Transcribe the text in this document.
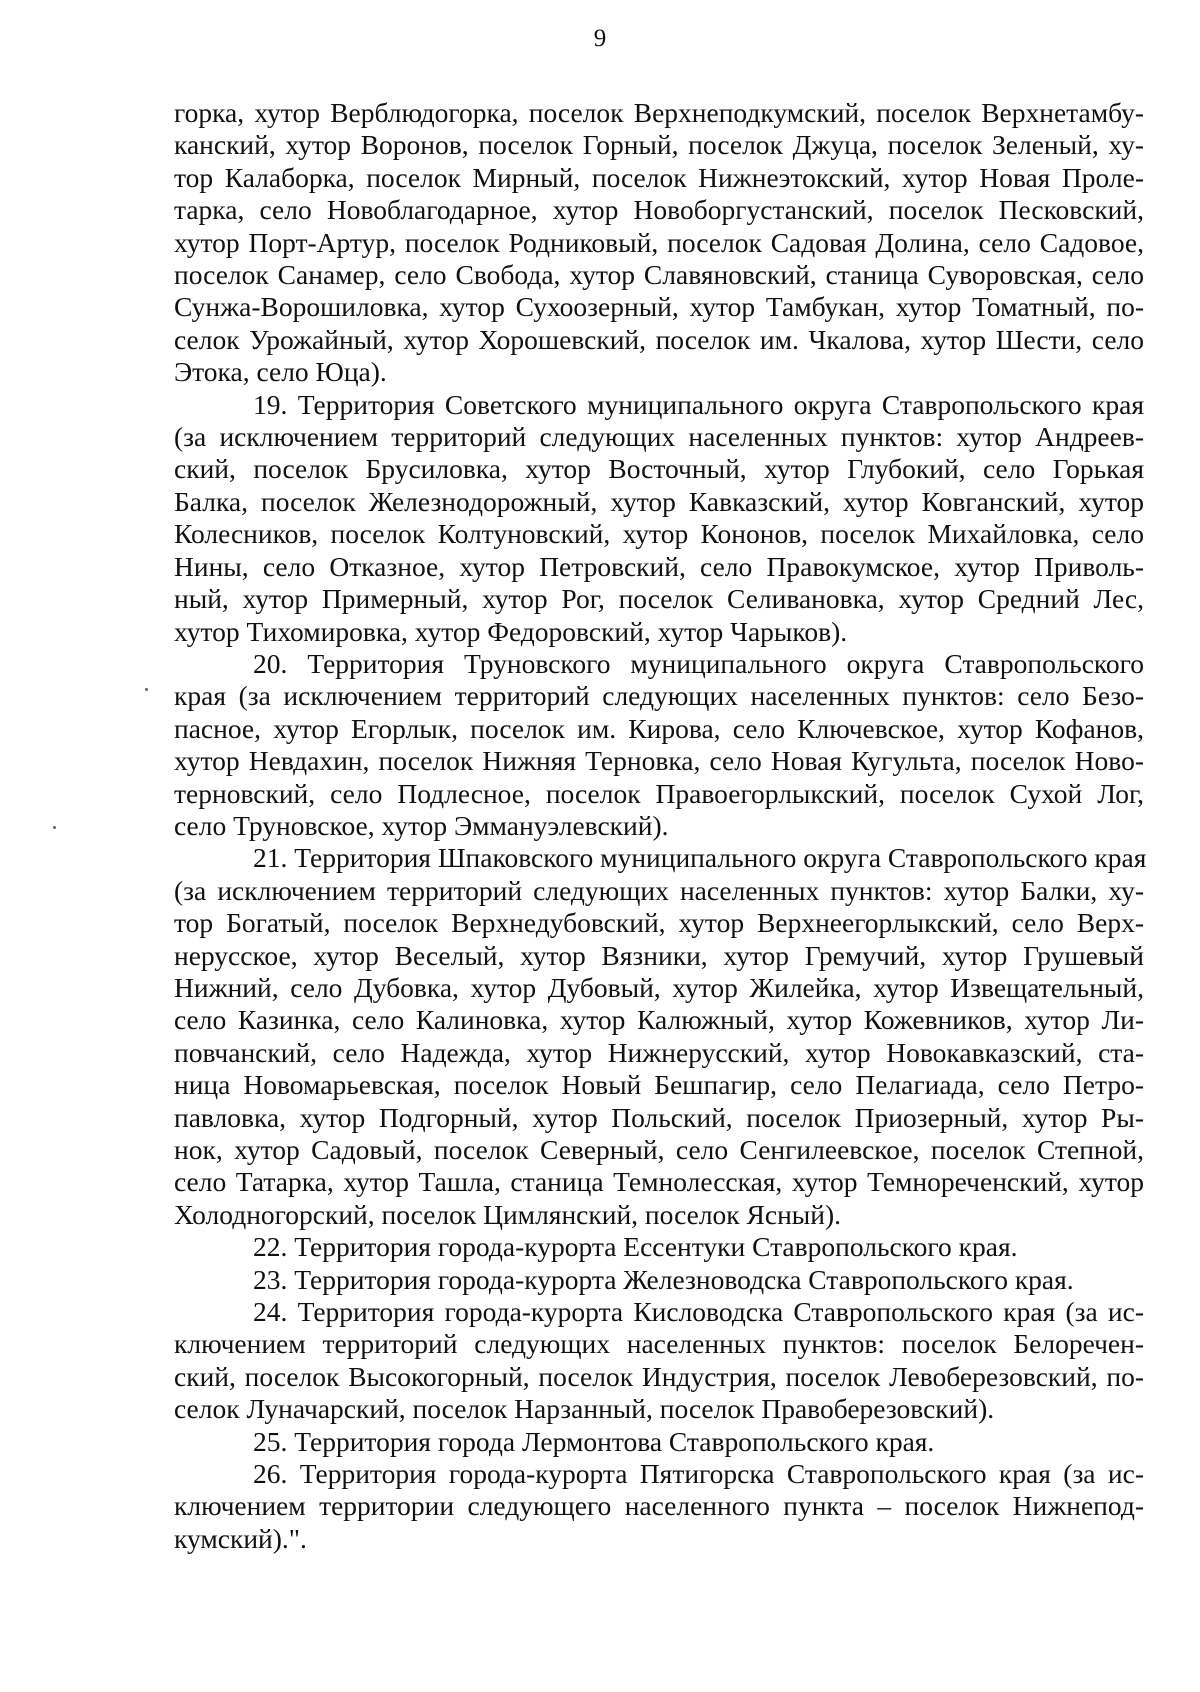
9

горка, хутор Верблюдогорка, поселок Верхнеподкумский, поселок Верхнетамбу-
канский, хутор Воронов, поселок Горный, поселок Джуца, поселок Зеленый, ху-
тор Калаборка, поселок Мирный, поселок Нижнеэтокский, хутор Новая Проле-
тарка, село Новоблагодарное, хутор Новоборгустанский, поселок Песковский,
хутор Порт-Артур, поселок Родниковый, поселок Садовая Долина, село Садовое,
поселок Санамер, село Свобода, хутор Славяновский, станица Суворовская, село
Сунжа-Ворошиловка, хутор Сухоозерный, хутор Тамбукан, хутор Томатный, по-
селок Урожайный, хутор Хорошевский, поселок им. Чкалова, хутор Шести, село
Этока, село Юца).

19. Территория Советского муниципального округа Ставропольского края
(за исключением территорий следующих населенных пунктов: хутор Андреев-
ский, поселок Брусиловка, хутор Восточный, хутор Глубокий, село Горькая
Балка, поселок Железнодорожный, хутор Кавказский, хутор Ковганский, хутор
Колесников, поселок Колтуновский, хутор Кононов, поселок Михайловка, село
Нины, село Отказное, хутор Петровский, село Правокумское, хутор Приволь-
ный, хутор Примерный, хутор Рог, поселок Селивановка, хутор Средний Лес,
хутор Тихомировка, хутор Федоровский, хутор Чарыков).

20. Территория Труновского муниципального округа Ставропольского
края (за исключением территорий следующих населенных пунктов: село Безо-
пасное, хутор Егорлык, поселок им. Кирова, село Ключевское, хутор Кофанов,
хутор Невдахин, поселок Нижняя Терновка, село Новая Кугульта, поселок Ново-
терновский, село Подлесное, поселок Правоегорлыкский, поселок Сухой Лог,
село Труновское, хутор Эммануэлевский).

21. Территория Шпаковского муниципального округа Ставропольского края
(за исключением территорий следующих населенных пунктов: хутор Балки, ху-
тор Богатый, поселок Верхнедубовский, хутор Верхнеегорлыкский, село Верх-
нерусское, хутор Веселый, хутор Вязники, хутор Гремучий, хутор Грушевый
Нижний, село Дубовка, хутор Дубовый, хутор Жилейка, хутор Извещательный,
село Казинка, село Калиновка, хутор Калюжный, хутор Кожевников, хутор Ли-
повчанский, село Надежда, хутор Нижнерусский, хутор Новокавказский, ста-
ница Новомарьевская, поселок Новый Бешпагир, село Пелагиада, село Петро-
павловка, хутор Подгорный, хутор Польский, поселок Приозерный, хутор Ры-
нок, хутор Садовый, поселок Северный, село Сенгилеевское, поселок Степной,
село Татарка, хутор Ташла, станица Темнолесская, хутор Темнореченский, хутор
Холодногорский, поселок Цимлянский, поселок Ясный).

22. Территория города-курорта Ессентуки Ставропольского края.

23. Территория города-курорта Железноводска Ставропольского края.

24. Территория города-курорта Кисловодска Ставропольского края (за ис-
ключением территорий следующих населенных пунктов: поселок Белоречен-
ский, поселок Высокогорный, поселок Индустрия, поселок Левоберезовский, по-
селок Луначарский, поселок Нарзанный, поселок Правоберезовский).

25. Территория города Лермонтова Ставропольского края.

26. Территория города-курорта Пятигорска Ставропольского края (за ис-
ключением территории следующего населенного пункта – поселок Нижнепод-
кумский).".
